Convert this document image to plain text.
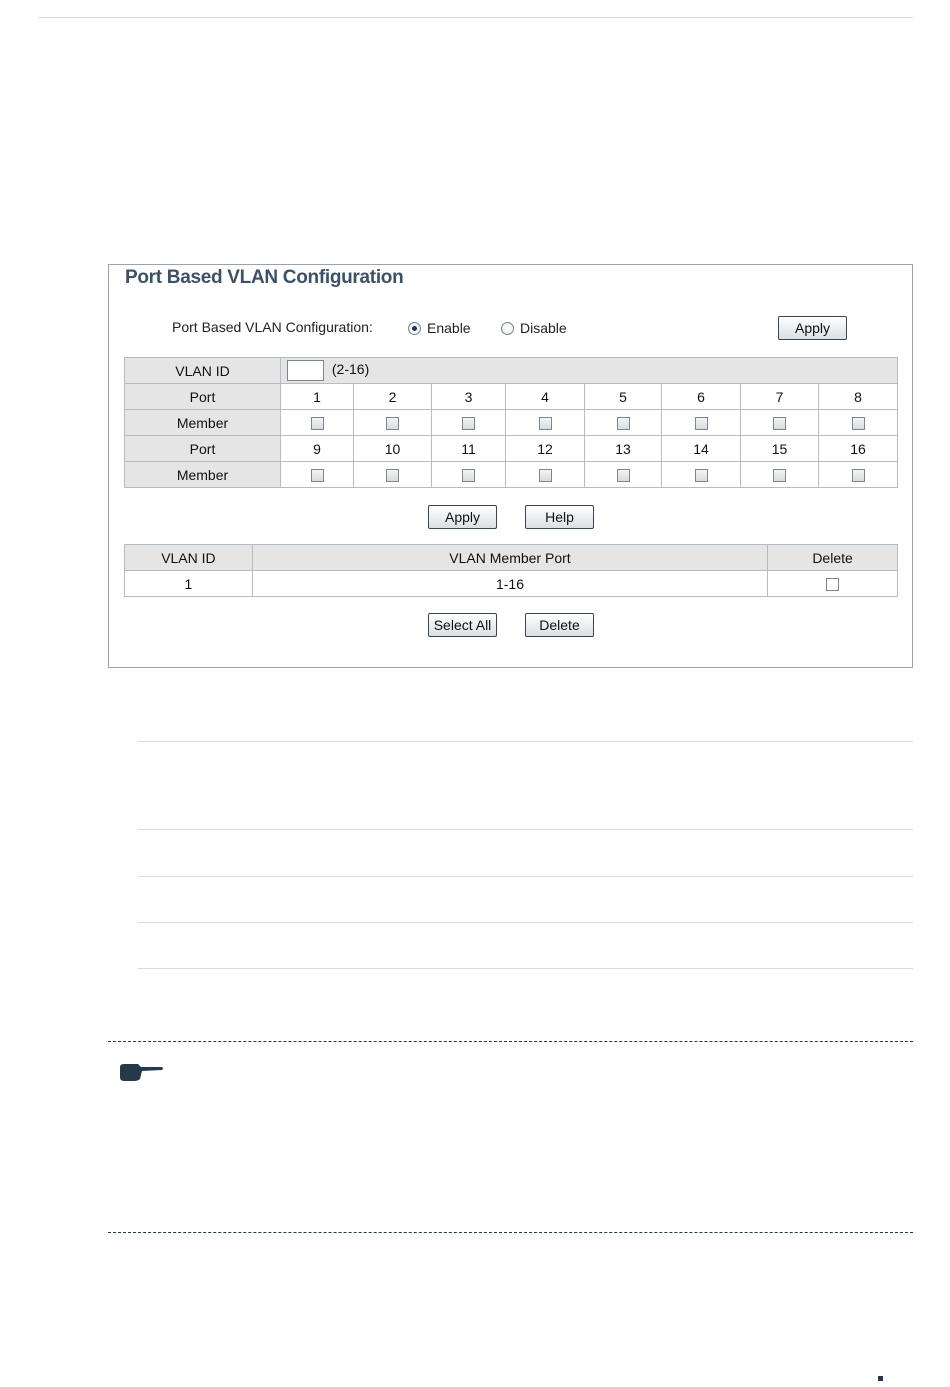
Port Based VLAN Configuration
Port Based VLAN Configuration:	Enable	Disable	Apply
VLAN ID	(2-16)							
Port	1	2	3	4	5	6	7	8
Member								
Port	9	10	11	12	13	14	15	16
Member								
Apply	Help
VLAN ID	VLAN Member Port	Delete
1	1-16	
Select All	Delete
